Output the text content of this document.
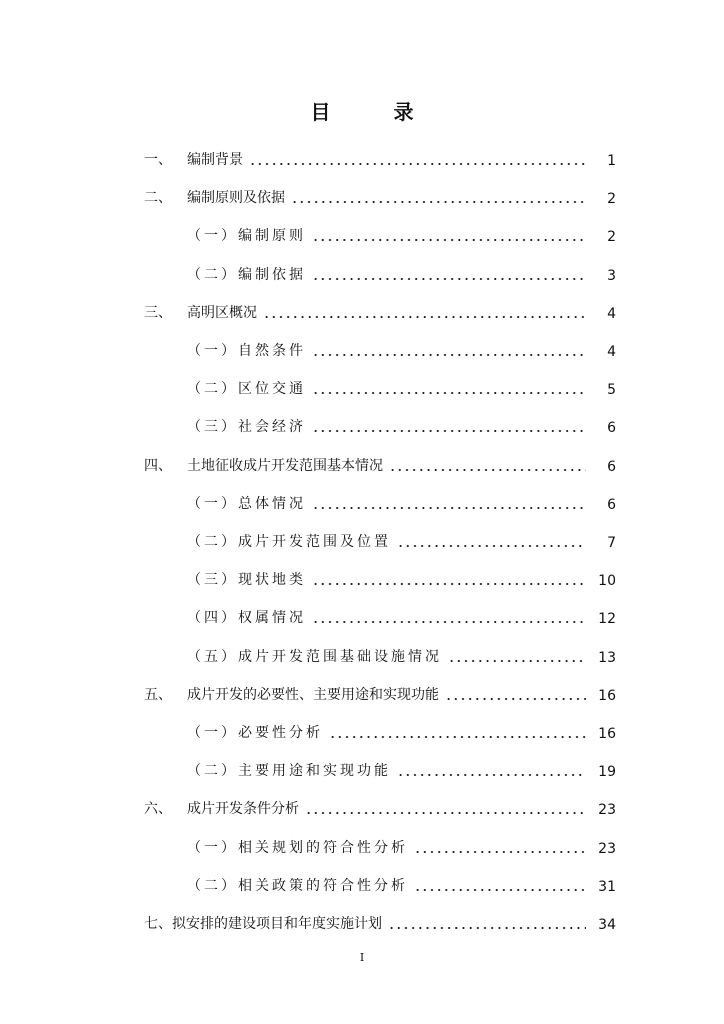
目 录
一、	编制背景	1
二、	编制原则及依据	2
（一）编制原则	2
（二）编制依据	3
三、	高明区概况	4
（一）自然条件	4
（二）区位交通	5
（三）社会经济	6
四、	土地征收成片开发范围基本情况	6
（一）总体情况	6
（二）成片开发范围及位置	7
（三）现状地类	10
（四）权属情况	12
（五）成片开发范围基础设施情况	13
五、	成片开发的必要性、主要用途和实现功能	16
（一）必要性分析	16
（二）主要用途和实现功能	19
六、	成片开发条件分析	23
（一）相关规划的符合性分析	23
（二）相关政策的符合性分析	31
七、拟安排的建设项目和年度实施计划	34
I
